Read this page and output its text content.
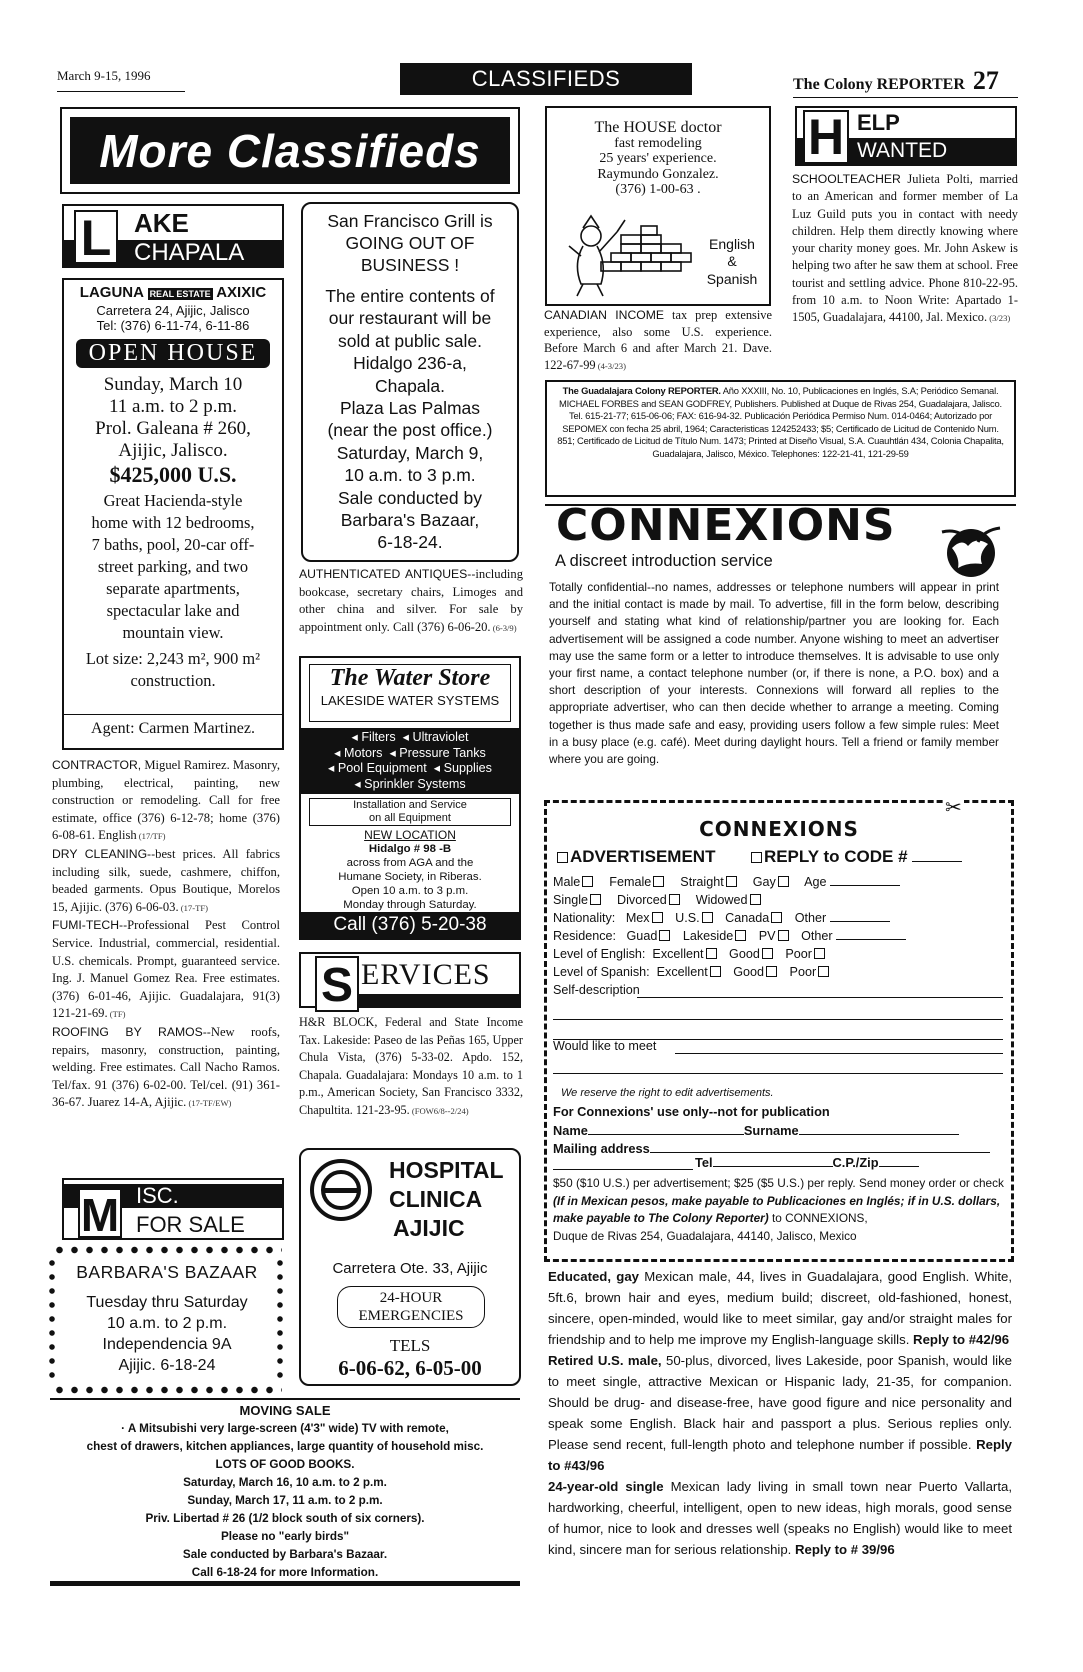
March 9-15, 1996	CLASSIFIEDS	The Colony REPORTER 27
More Classifieds
L AKE
CHAPALA
LAGUNA REAL ESTATE AXIXIC
Carretera 24, Ajijic, Jalisco
Tel: (376) 6-11-74, 6-11-86
OPEN HOUSE
Sunday, March 10
11 a.m. to 2 p.m.
Prol. Galeana # 260,
Ajijic, Jalisco.
$425,000 U.S.
Great Hacienda-style
home with 12 bedrooms,
7 baths, pool, 20-car off-
street parking, and two
separate apartments,
spectacular lake and
mountain view.
Lot size: 2,243 m², 900 m²
construction.
Agent: Carmen Martinez.

CONTRACTOR, Miguel Ramirez. Masonry, plumbing, electrical, painting, new construction or remodeling. Call for free estimate, office (376) 6-12-78; home (376) 6-08-61. English (17/TF)

DRY CLEANING--best prices. All fabrics including silk, suede, cashmere, chiffon, beaded garments. Opus Boutique, Morelos 15, Ajijic. (376) 6-06-03. (17-TF)

FUMI-TECH--Professional Pest Control Service. Industrial, commercial, residential. U.S. chemicals. Prompt, guaranteed service. Ing. J. Manuel Gomez Rea. Free estimates. (376) 6-01-46, Ajijic. Guadalajara, 91(3) 121-21-69. (TF)

ROOFING BY RAMOS--New roofs, repairs, masonry, construction, painting, welding. Free estimates. Call Nacho Ramos. Tel/fax. 91 (376) 6-02-00. Tel/cel. (91) 361-36-67. Juarez 14-A, Ajijic. (17-TF/EW)

M ISC.
FOR SALE
BARBARA'S BAZAAR
Tuesday thru Saturday
10 a.m. to 2 p.m.
Independencia 9A
Ajijic. 6-18-24
San Francisco Grill is
GOING OUT OF
BUSINESS !
The entire contents of
our restaurant will be
sold at public sale.
Hidalgo 236-a,
Chapala.
Plaza Las Palmas
(near the post office.)
Saturday, March 9,
10 a.m. to 3 p.m.
Sale conducted by
Barbara's Bazaar,
6-18-24.

AUTHENTICATED ANTIQUES--including bookcase, secretary chairs, Limoges and other china and silver. For sale by appointment only. Call (376) 6-06-20. (6-3/9)

The Water Store
LAKESIDE WATER SYSTEMS
◂ Filters  ◂ Ultraviolet
◂ Motors  ◂ Pressure Tanks
◂ Pool Equipment  ◂ Supplies
◂ Sprinkler Systems
Installation and Service
on all Equipment
NEW LOCATION
Hidalgo # 98 -B
across from AGA and the
Humane Society, in Riberas.
Open 10 a.m. to 3 p.m.
Monday through Saturday.
Call (376) 5-20-38
S ERVICES

H&R BLOCK, Federal and State Income Tax. Lakeside: Paseo de las Peñas 165, Upper Chula Vista, (376) 5-33-02. Apdo. 152, Chapala. Guadalajara: Mondays 10 a.m. to 1 p.m., American Society, San Francisco 3332, Chapultita. 121-23-95. (FOW6/8--2/24)

HOSPITAL
CLINICA
AJIJIC
Carretera Ote. 33, Ajijic
24-HOUR
EMERGENCIES
TELS
6-06-62, 6-05-00
MOVING SALE
· A Mitsubishi very large-screen (4'3" wide) TV with remote,
chest of drawers, kitchen appliances, large quantity of household misc.
LOTS OF GOOD BOOKS.
Saturday, March 16, 10 a.m. to 2 p.m.
Sunday, March 17, 11 a.m. to 2 p.m.
Priv. Libertad # 26 (1/2 block south of six corners).
Please no "early birds"
Sale conducted by Barbara's Bazaar.
Call 6-18-24 for more Information.
The HOUSE doctor
fast remodeling
25 years' experience.
Raymundo Gonzalez.
(376) 1-00-63 .
English
&
Spanish

CANADIAN INCOME tax prep extensive experience, also some U.S. experience. Before March 6 and after March 21. Dave. 122-67-99 (4-3/23)

H ELP
WANTED

SCHOOLTEACHER Julieta Polti, married to an American and former member of La Luz Guild puts you in contact with needy children. Help them directly knowing where your charity money goes. Mr. John Askew is helping two after he saw them at school. Free tourist and settling advice. Phone 810-22-95. from 10 a.m. to Noon Write: Apartado 1-1505, Guadalajara, 44100, Jal. Mexico. (3/23)

The Guadalajara Colony REPORTER. Año XXXIII, No. 10, Publicaciones en Inglés, S.A; Periódico Semanal. MICHAEL FORBES and SEAN GODFREY, Publishers. Published at Duque de Rivas 254, Guadalajara, Jalisco. Tel. 615-21-77; 615-06-06; FAX: 616-94-32. Publicación Periódica Permiso Num. 014-0464; Autorizado por SEPOMEX con fecha 25 abril, 1964; Caracteristicas 124252433; $5; Certificado de Licitud de Contenido Num. 851; Certificado de Licitud de Título Num. 1473; Printed at Diseño Visual, S.A. Cuauhtlán 434, Colonia Chapalita, Guadalajara, Jalisco, México. Telephones: 122-21-41, 121-29-59

CONNEXIONS
A discreet introduction service

Totally confidential--no names, addresses or telephone numbers will appear in print and the initial contact is made by mail. To advertise, fill in the form below, describing yourself and stating what kind of relationship/partner you are looking for. Each advertisement will be assigned a code number. Anyone wishing to meet an advertiser may use the same form or a letter to introduce themselves. It is advisable to use only your first name, a contact telephone number (or, if there is none, a P.O. box) and a short description of your interests. Connexions will forward all replies to the appropriate advertiser, who can then decide whether to arrange a meeting. Coming together is thus made safe and easy, providing users follow a few simple rules: Meet in a busy place (e.g. café). Meet during daylight hours. Tell a friend or family member where you are going.

✂
CONNEXIONS
ADVERTISEMENT	REPLY to CODE #
Male Female Straight Gay Age
Single Divorced Widowed
Nationality: Mex U.S. Canada Other
Residence: Guad Lakeside PV Other
Level of English: Excellent Good Poor
Level of Spanish: Excellent Good Poor
Self-description
Would like to meet
We reserve the right to edit advertisements.
For Connexions' use only--not for publication
Name	Surname
Mailing address
Tel	C.P./Zip
$50 ($10 U.S.) per advertisement; $25 ($5 U.S.) per reply. Send money order or check (If in Mexican pesos, make payable to Publicaciones en Inglés; if in U.S. dollars, make payable to The Colony Reporter) to CONNEXIONS,
Duque de Rivas 254, Guadalajara, 44140, Jalisco, Mexico

Educated, gay Mexican male, 44, lives in Guadalajara, good English. White, 5ft.6, brown hair and eyes, medium build; discreet, old-fashioned, honest, sincere, open-minded, would like to meet similar, gay and/or straight males for friendship and to help me improve my English-language skills. Reply to #42/96

Retired U.S. male, 50-plus, divorced, lives Lakeside, poor Spanish, would like to meet single, attractive Mexican or Hispanic lady, 21-35, for companion. Should be drug- and disease-free, have good figure and nice personality and speak some English. Black hair and passport a plus. Serious replies only. Please send recent, full-length photo and telephone number if possible. Reply to #43/96

24-year-old single Mexican lady living in small town near Puerto Vallarta, hardworking, cheerful, intelligent, open to new ideas, high morals, good sense of humor, nice to look and dresses well (speaks no English) would like to meet kind, sincere man for serious relationship. Reply to # 39/96
